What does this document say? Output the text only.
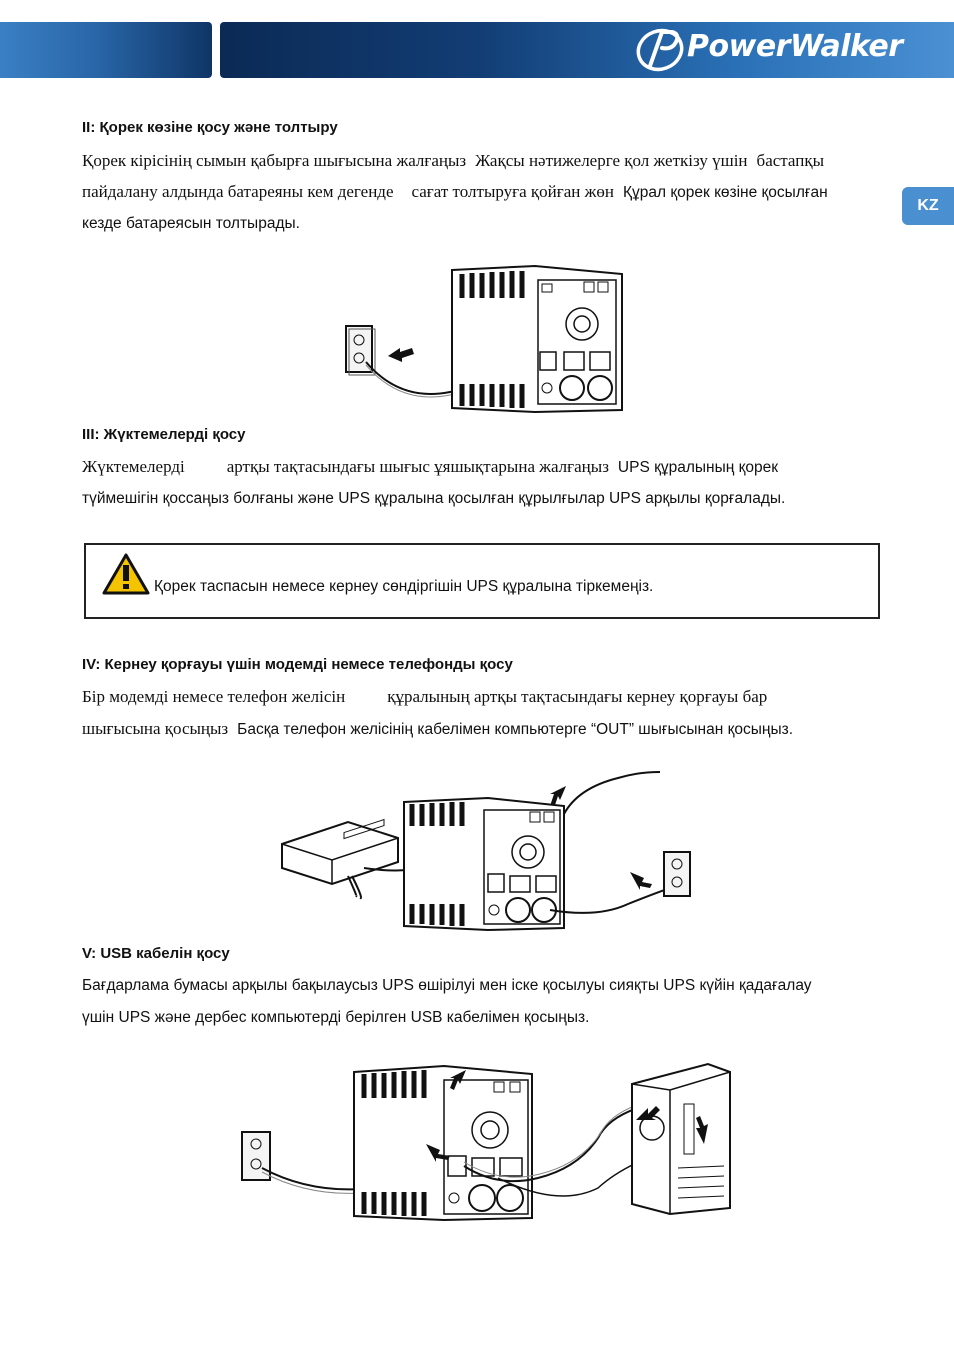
PowerWalker
KZ
II: Қорек көзіне қосу және толтыру
Қорек кірісінің сымын қабырға шығысына жалғаңыз Жақсы нәтижелерге қол жеткізу үшін бастапқы
пайдалану алдында батареяны кем дегенде сағат толтыруға қойған жөн Құрал қорек көзіне қосылған
кезде батареясын толтырады.
III: Жүктемелерді қосу
Жүктемелерді артқы тақтасындағы шығыс ұяшықтарына жалғаңыз UPS құралының қорек
түймешігін қоссаңыз болғаны және UPS құралына қосылған құрылғылар UPS арқылы қорғалады.
Қорек таспасын немесе кернеу сөндіргішін UPS құралына тіркемеңіз.
IV: Кернеу қорғауы үшін модемді немесе телефонды қосу
Бір модемді немесе телефон желісін құралының артқы тақтасындағы кернеу қорғауы бар
шығысына қосыңыз Басқа телефон желісінің кабелімен компьютерге “OUT” шығысынан қосыңыз.
V: USB кабелін қосу
Бағдарлама бумасы арқылы бақылаусыз UPS өшірілуі мен іске қосылуы сияқты UPS күйін қадағалау
үшін UPS және дербес компьютерді берілген USB кабелімен қосыңыз.
